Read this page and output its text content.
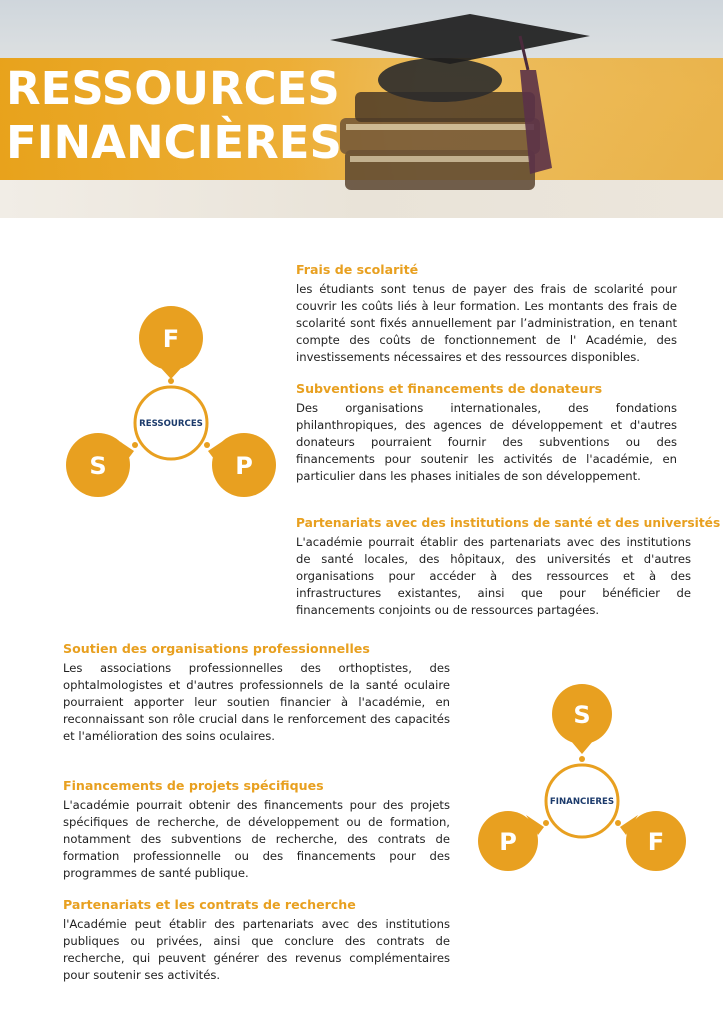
RESSOURCES
FINANCIÈRES
F
S	P
RESSOURCES
S
P	F
FINANCIERES
Frais de scolarité

les étudiants sont tenus de payer des frais de scolarité pour couvrir les coûts liés à leur formation. Les montants des frais de scolarité sont fixés annuellement par l’administration, en tenant compte des coûts de fonctionnement de l' Académie, des investissements nécessaires et des ressources disponibles.

Subventions et financements de donateurs

Des organisations internationales, des fondations philanthropiques, des agences de développement et d'autres donateurs pourraient fournir des subventions ou des financements pour soutenir les activités de l'académie, en particulier dans les phases initiales de son développement.

Partenariats avec des institutions de santé et des universités

L'académie pourrait établir des partenariats avec des institutions de santé locales, des hôpitaux, des universités et d'autres organisations pour accéder à des ressources et à des infrastructures existantes, ainsi que pour bénéficier de financements conjoints ou de ressources partagées.

Soutien des organisations professionnelles

Les associations professionnelles des orthoptistes, des ophtalmologistes et d'autres professionnels de la santé oculaire pourraient apporter leur soutien financier à l'académie, en reconnaissant son rôle crucial dans le renforcement des capacités et l'amélioration des soins oculaires.

Financements de projets spécifiques

L'académie pourrait obtenir des financements pour des projets spécifiques de recherche, de développement ou de formation, notamment des subventions de recherche, des contrats de formation professionnelle ou des financements pour des programmes de santé publique.

Partenariats et les contrats de recherche

l'Académie peut établir des partenariats avec des institutions publiques ou privées, ainsi que conclure des contrats de recherche, qui peuvent générer des revenus complémentaires pour soutenir ses activités.
